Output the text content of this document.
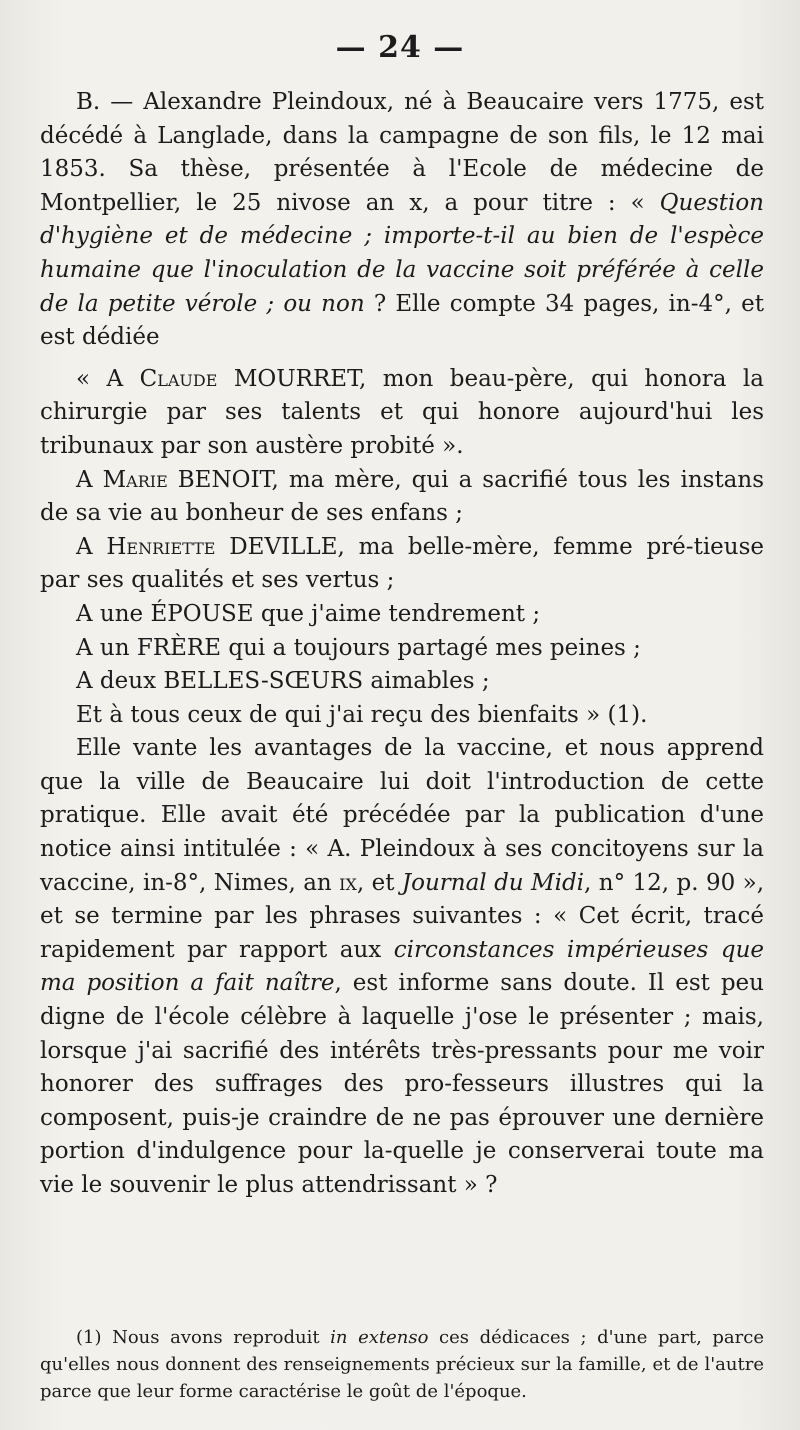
— 24 —

B. — Alexandre Pleindoux, né à Beaucaire vers 1775, est décédé à Langlade, dans la campagne de son fils, le 12 mai 1853. Sa thèse, présentée à l'Ecole de médecine de Montpellier, le 25 nivose an x, a pour titre : « Question d'hygiène et de médecine ; importe-t-il au bien de l'espèce humaine que l'inoculation de la vaccine soit préférée à celle de la petite vérole ; ou non ? Elle compte 34 pages, in-4°, et est dédiée

« A Claude MOURRET, mon beau-père, qui honora la chirurgie par ses talents et qui honore aujourd'hui les tribunaux par son austère probité ».

A Marie BENOIT, ma mère, qui a sacrifié tous les instans de sa vie au bonheur de ses enfans ;

A Henriette DEVILLE, ma belle-mère, femme pré-tieuse par ses qualités et ses vertus ;

A une ÉPOUSE que j'aime tendrement ;

A un FRÈRE qui a toujours partagé mes peines ;

A deux BELLES-SŒURS aimables ;

Et à tous ceux de qui j'ai reçu des bienfaits » (1).

Elle vante les avantages de la vaccine, et nous apprend que la ville de Beaucaire lui doit l'introduction de cette pratique. Elle avait été précédée par la publication d'une notice ainsi intitulée : « A. Pleindoux à ses concitoyens sur la vaccine, in-8°, Nimes, an ix, et Journal du Midi, n° 12, p. 90 », et se termine par les phrases suivantes : « Cet écrit, tracé rapidement par rapport aux circonstances impérieuses que ma position a fait naître, est informe sans doute. Il est peu digne de l'école célèbre à laquelle j'ose le présenter ; mais, lorsque j'ai sacrifié des intérêts très-pressants pour me voir honorer des suffrages des pro-fesseurs illustres qui la composent, puis-je craindre de ne pas éprouver une dernière portion d'indulgence pour la-quelle je conserverai toute ma vie le souvenir le plus attendrissant » ?

(1) Nous avons reproduit in extenso ces dédicaces ; d'une part, parce qu'elles nous donnent des renseignements précieux sur la famille, et de l'autre parce que leur forme caractérise le goût de l'époque.
